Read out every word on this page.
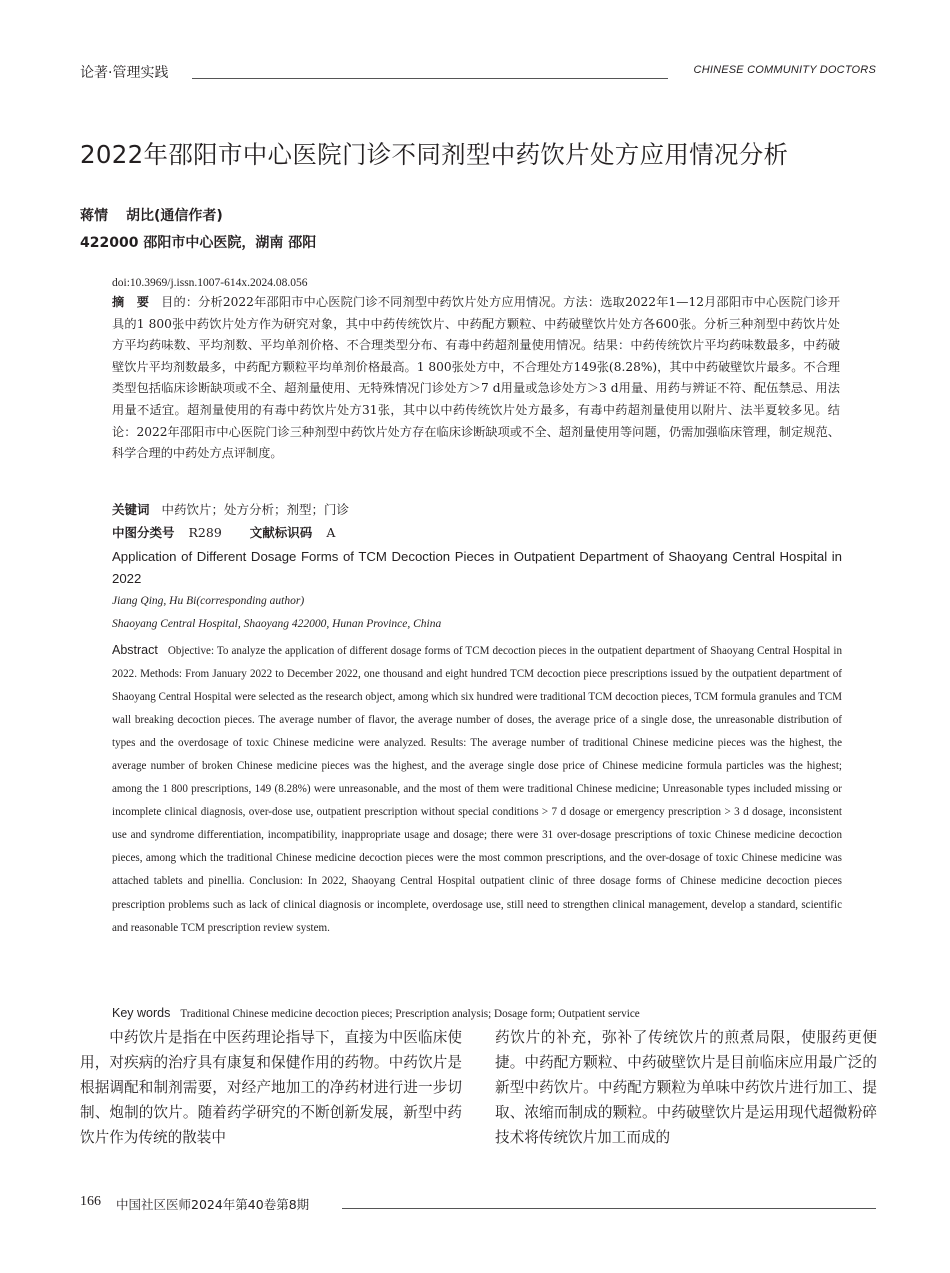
论著·管理实践	CHINESE COMMUNITY DOCTORS
2022年邵阳市中心医院门诊不同剂型中药饮片处方应用情况分析
蒋情 胡比(通信作者)
422000 邵阳市中心医院，湖南 邵阳
doi:10.3969/j.issn.1007-614x.2024.08.056
摘　要 目的：分析2022年邵阳市中心医院门诊不同剂型中药饮片处方应用情况。方法：选取2022年1—12月邵阳市中心医院门诊开具的1 800张中药饮片处方作为研究对象，其中中药传统饮片、中药配方颗粒、中药破壁饮片处方各600张。分析三种剂型中药饮片处方平均药味数、平均剂数、平均单剂价格、不合理类型分布、有毒中药超剂量使用情况。结果：中药传统饮片平均药味数最多，中药破壁饮片平均剂数最多，中药配方颗粒平均单剂价格最高。1 800张处方中，不合理处方149张(8.28%)，其中中药破壁饮片最多。不合理类型包括临床诊断缺项或不全、超剂量使用、无特殊情况门诊处方＞7 d用量或急诊处方＞3 d用量、用药与辨证不符、配伍禁忌、用法用量不适宜。超剂量使用的有毒中药饮片处方31张，其中以中药传统饮片处方最多，有毒中药超剂量使用以附片、法半夏较多见。结论：2022年邵阳市中心医院门诊三种剂型中药饮片处方存在临床诊断缺项或不全、超剂量使用等问题，仍需加强临床管理，制定规范、科学合理的中药处方点评制度。
关键词 中药饮片；处方分析；剂型；门诊
中图分类号 R289 文献标识码 A
Application of Different Dosage Forms of TCM Decoction Pieces in Outpatient Department of Shaoyang Central Hospital in 2022
Jiang Qing, Hu Bi(corresponding author)
Shaoyang Central Hospital, Shaoyang 422000, Hunan Province, China
Abstract Objective: To analyze the application of different dosage forms of TCM decoction pieces in the outpatient department of Shaoyang Central Hospital in 2022. Methods: From January 2022 to December 2022, one thousand and eight hundred TCM decoction piece prescriptions issued by the outpatient department of Shaoyang Central Hospital were selected as the research object, among which six hundred were traditional TCM decoction pieces, TCM formula granules and TCM wall breaking decoction pieces. The average number of flavor, the average number of doses, the average price of a single dose, the unreasonable distribution of types and the overdosage of toxic Chinese medicine were analyzed. Results: The average number of traditional Chinese medicine pieces was the highest, the average number of broken Chinese medicine pieces was the highest, and the average single dose price of Chinese medicine formula particles was the highest; among the 1 800 prescriptions, 149 (8.28%) were unreasonable, and the most of them were traditional Chinese medicine; Unreasonable types included missing or incomplete clinical diagnosis, over-dose use, outpatient prescription without special conditions > 7 d dosage or emergency prescription > 3 d dosage, inconsistent use and syndrome differentiation, incompatibility, inappropriate usage and dosage; there were 31 over-dosage prescriptions of toxic Chinese medicine decoction pieces, among which the traditional Chinese medicine decoction pieces were the most common prescriptions, and the over-dosage of toxic Chinese medicine was attached tablets and pinellia. Conclusion: In 2022, Shaoyang Central Hospital outpatient clinic of three dosage forms of Chinese medicine decoction pieces prescription problems such as lack of clinical diagnosis or incomplete, overdosage use, still need to strengthen clinical management, develop a standard, scientific and reasonable TCM prescription review system.
Key words Traditional Chinese medicine decoction pieces; Prescription analysis; Dosage form; Outpatient service

中药饮片是指在中医药理论指导下，直接为中医临床使用，对疾病的治疗具有康复和保健作用的药物。中药饮片是根据调配和制剂需要，对经产地加工的净药材进行进一步切制、炮制的饮片。随着药学研究的不断创新发展，新型中药饮片作为传统的散装中

药饮片的补充，弥补了传统饮片的煎煮局限，使服药更便捷。中药配方颗粒、中药破壁饮片是目前临床应用最广泛的新型中药饮片。中药配方颗粒为单味中药饮片进行加工、提取、浓缩而制成的颗粒。中药破壁饮片是运用现代超微粉碎技术将传统饮片加工而成的

166 中国社区医师2024年第40卷第8期
